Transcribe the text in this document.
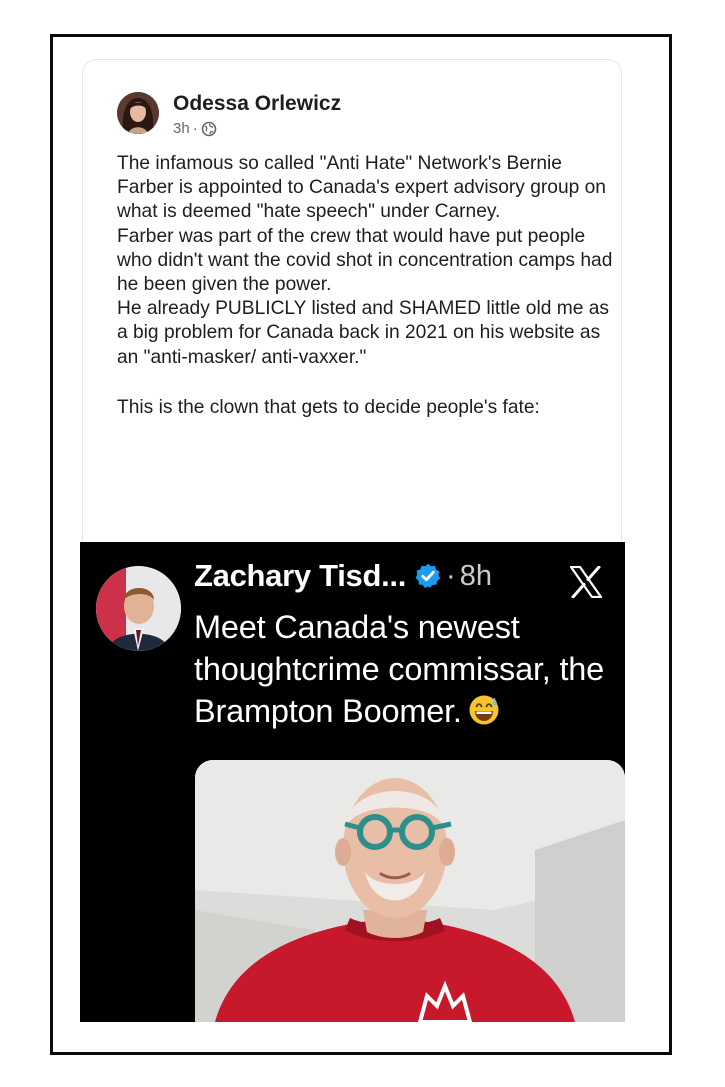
Odessa Orlewicz
3h ·

The infamous so called "Anti Hate" Network's Bernie Farber is appointed to Canada's expert advisory group on what is deemed "hate speech" under Carney.

Farber was part of the crew that would have put people who didn't want the covid shot in concentration camps had he been given the power.

He already PUBLICLY listed and SHAMED little old me as a big problem for Canada back in 2021 on his website as an "anti-masker/ anti-vaxxer."

This is the clown that gets to decide people's fate:

Zachary Tisd... · 8h
Meet Canada's newest thoughtcrime commissar, the Brampton Boomer.
